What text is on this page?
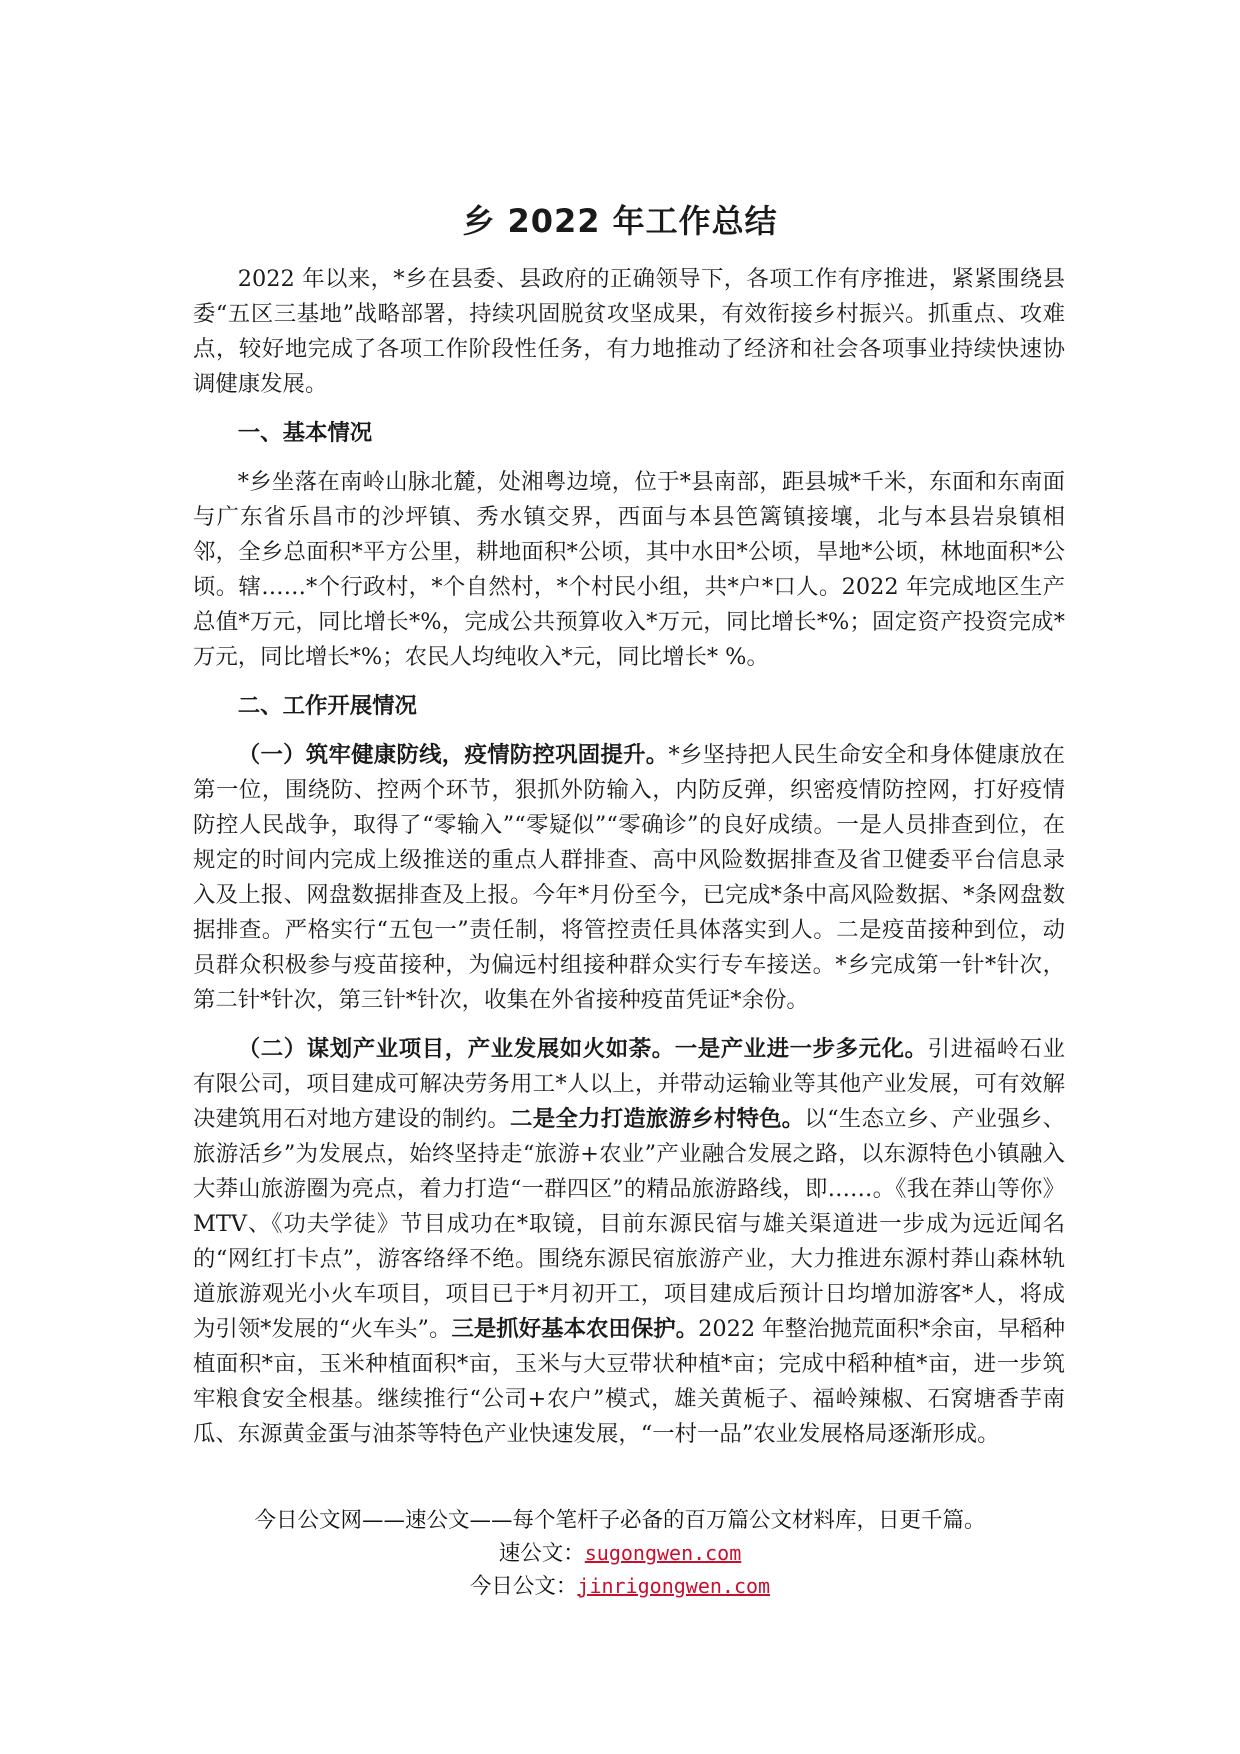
乡 2022 年工作总结

2022 年以来，*乡在县委、县政府的正确领导下，各项工作有序推进，紧紧围绕县委“五区三基地”战略部署，持续巩固脱贫攻坚成果，有效衔接乡村振兴。抓重点、攻难点，较好地完成了各项工作阶段性任务，有力地推动了经济和社会各项事业持续快速协调健康发展。

一、基本情况

*乡坐落在南岭山脉北麓，处湘粤边境，位于*县南部，距县城*千米，东面和东南面与广东省乐昌市的沙坪镇、秀水镇交界，西面与本县笆篱镇接壤，北与本县岩泉镇相邻，全乡总面积*平方公里，耕地面积*公顷，其中水田*公顷，旱地*公顷，林地面积*公顷。辖……*个行政村，*个自然村，*个村民小组，共*户*口人。2022 年完成地区生产总值*万元，同比增长*%，完成公共预算收入*万元，同比增长*%；固定资产投资完成*万元，同比增长*%；农民人均纯收入*元，同比增长* %。

二、工作开展情况

（一）筑牢健康防线，疫情防控巩固提升。*乡坚持把人民生命安全和身体健康放在第一位，围绕防、控两个环节，狠抓外防输入，内防反弹，织密疫情防控网，打好疫情防控人民战争，取得了“零输入”“零疑似”“零确诊”的良好成绩。一是人员排查到位，在规定的时间内完成上级推送的重点人群排查、高中风险数据排查及省卫健委平台信息录入及上报、网盘数据排查及上报。今年*月份至今，已完成*条中高风险数据、*条网盘数据排查。严格实行“五包一”责任制，将管控责任具体落实到人。二是疫苗接种到位，动员群众积极参与疫苗接种，为偏远村组接种群众实行专车接送。*乡完成第一针*针次，第二针*针次，第三针*针次，收集在外省接种疫苗凭证*余份。

（二）谋划产业项目，产业发展如火如荼。一是产业进一步多元化。引进福岭石业有限公司，项目建成可解决劳务用工*人以上，并带动运输业等其他产业发展，可有效解决建筑用石对地方建设的制约。二是全力打造旅游乡村特色。以“生态立乡、产业强乡、旅游活乡”为发展点，始终坚持走“旅游+农业”产业融合发展之路，以东源特色小镇融入大莽山旅游圈为亮点，着力打造“一群四区”的精品旅游路线，即……。《我在莽山等你》MTV、《功夫学徒》节目成功在*取镜，目前东源民宿与雄关渠道进一步成为远近闻名的“网红打卡点”，游客络绎不绝。围绕东源民宿旅游产业，大力推进东源村莽山森林轨道旅游观光小火车项目，项目已于*月初开工，项目建成后预计日均增加游客*人，将成为引领*发展的“火车头”。三是抓好基本农田保护。2022 年整治抛荒面积*余亩，早稻种植面积*亩，玉米种植面积*亩，玉米与大豆带状种植*亩；完成中稻种植*亩，进一步筑牢粮食安全根基。继续推行“公司+农户”模式，雄关黄栀子、福岭辣椒、石窝塘香芋南瓜、东源黄金蛋与油茶等特色产业快速发展，“一村一品”农业发展格局逐渐形成。

今日公文网——速公文——每个笔杆子必备的百万篇公文材料库，日更千篇。
速公文：sugongwen.com
今日公文：jinrigongwen.com
